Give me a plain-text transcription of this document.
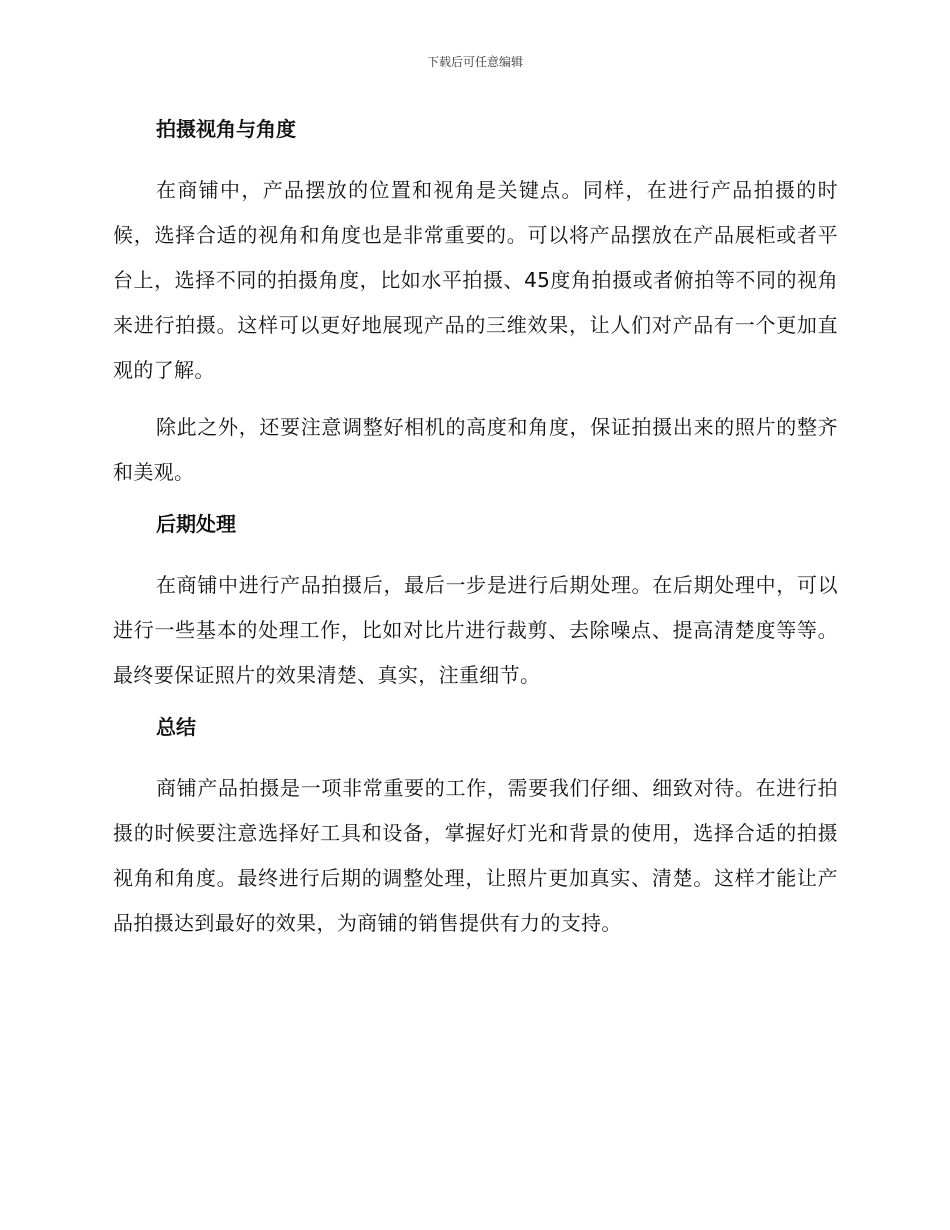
下载后可任意编辑
拍摄视角与角度

在商铺中，产品摆放的位置和视角是关键点。同样，在进行产品拍摄的时候，选择合适的视角和角度也是非常重要的。可以将产品摆放在产品展柜或者平台上，选择不同的拍摄角度，比如水平拍摄、45度角拍摄或者俯拍等不同的视角来进行拍摄。这样可以更好地展现产品的三维效果，让人们对产品有一个更加直观的了解。

除此之外，还要注意调整好相机的高度和角度，保证拍摄出来的照片的整齐和美观。

后期处理

在商铺中进行产品拍摄后，最后一步是进行后期处理。在后期处理中，可以进行一些基本的处理工作，比如对比片进行裁剪、去除噪点、提高清楚度等等。最终要保证照片的效果清楚、真实，注重细节。

总结

商铺产品拍摄是一项非常重要的工作，需要我们仔细、细致对待。在进行拍摄的时候要注意选择好工具和设备，掌握好灯光和背景的使用，选择合适的拍摄视角和角度。最终进行后期的调整处理，让照片更加真实、清楚。这样才能让产品拍摄达到最好的效果，为商铺的销售提供有力的支持。
